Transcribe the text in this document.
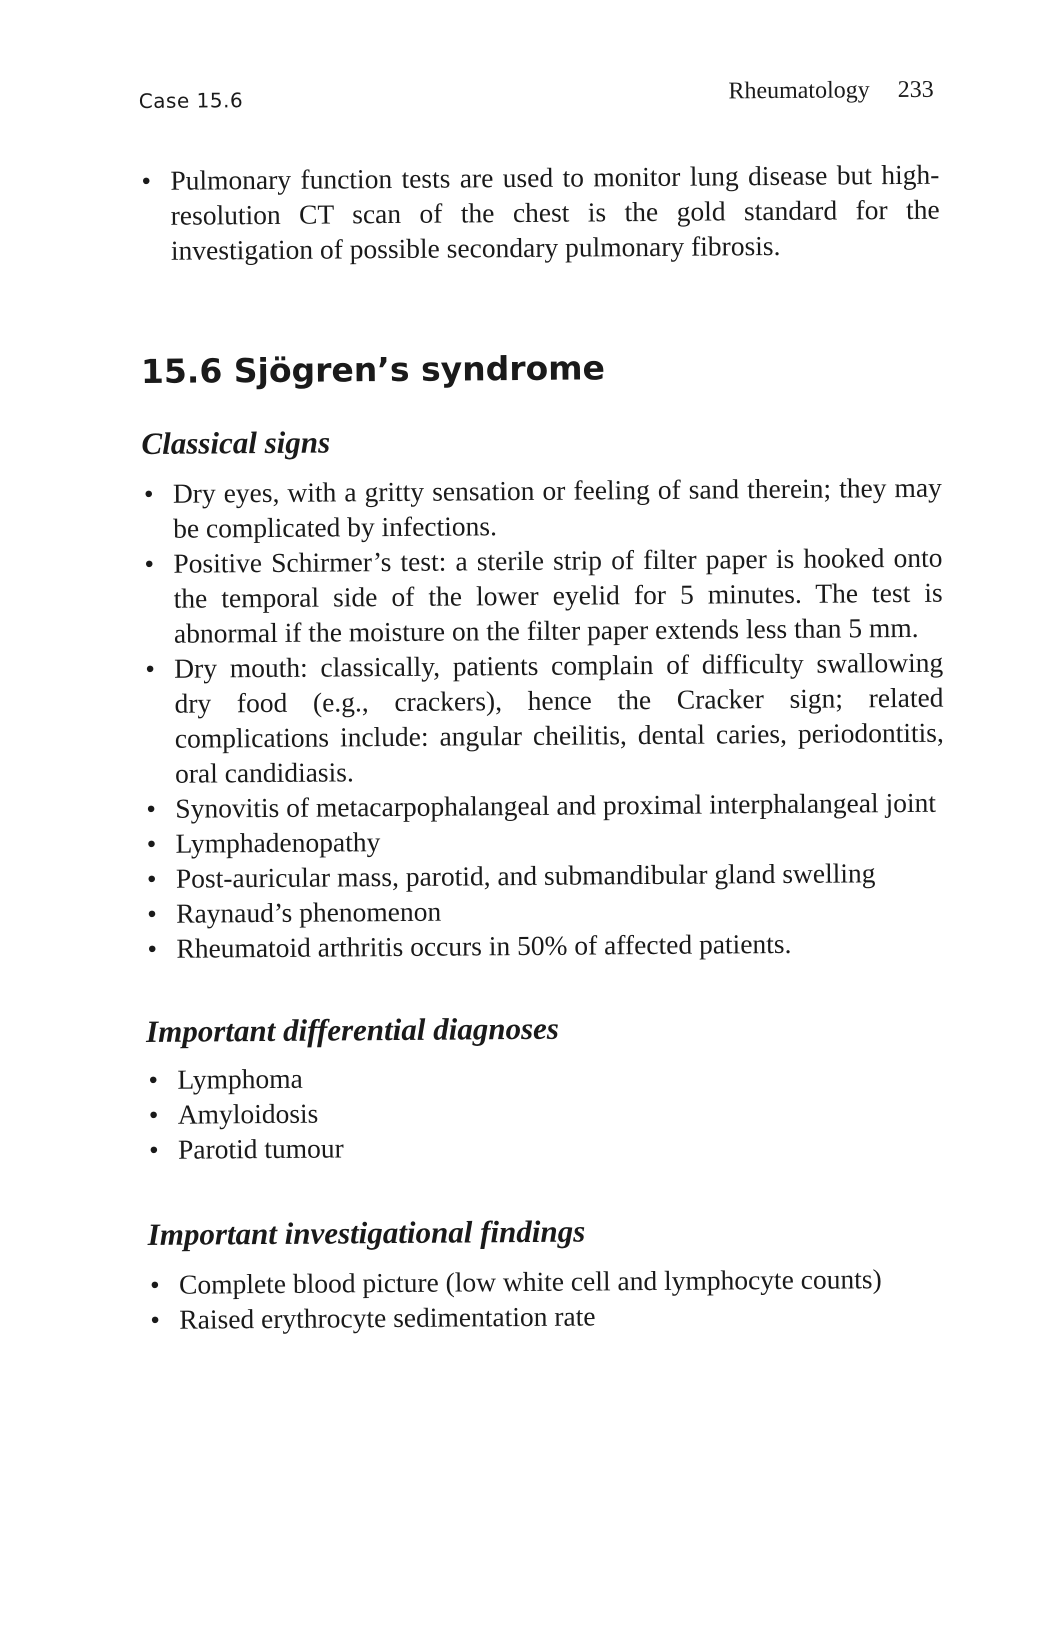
Case 15.6	Rheumatology 233
• Pulmonary function tests are used to monitor lung disease but high-resolution CT scan of the chest is the gold standard for the investigation of possible secondary pulmonary fibrosis.
15.6 Sjögren’s syndrome
Classical signs
• Dry eyes, with a gritty sensation or feeling of sand therein; they may be complicated by infections.
• Positive Schirmer’s test: a sterile strip of filter paper is hooked onto the temporal side of the lower eyelid for 5 minutes. The test is abnormal if the moisture on the filter paper extends less than 5 mm.
• Dry mouth: classically, patients complain of difficulty swallowing dry food (e.g., crackers), hence the Cracker sign; related complications include: angular cheilitis, dental caries, periodontitis, oral candidiasis.
• Synovitis of metacarpophalangeal and proximal interphalangeal joint
• Lymphadenopathy
• Post-auricular mass, parotid, and submandibular gland swelling
• Raynaud’s phenomenon
• Rheumatoid arthritis occurs in 50% of affected patients.
Important differential diagnoses
• Lymphoma
• Amyloidosis
• Parotid tumour
Important investigational findings
• Complete blood picture (low white cell and lymphocyte counts)
• Raised erythrocyte sedimentation rate
